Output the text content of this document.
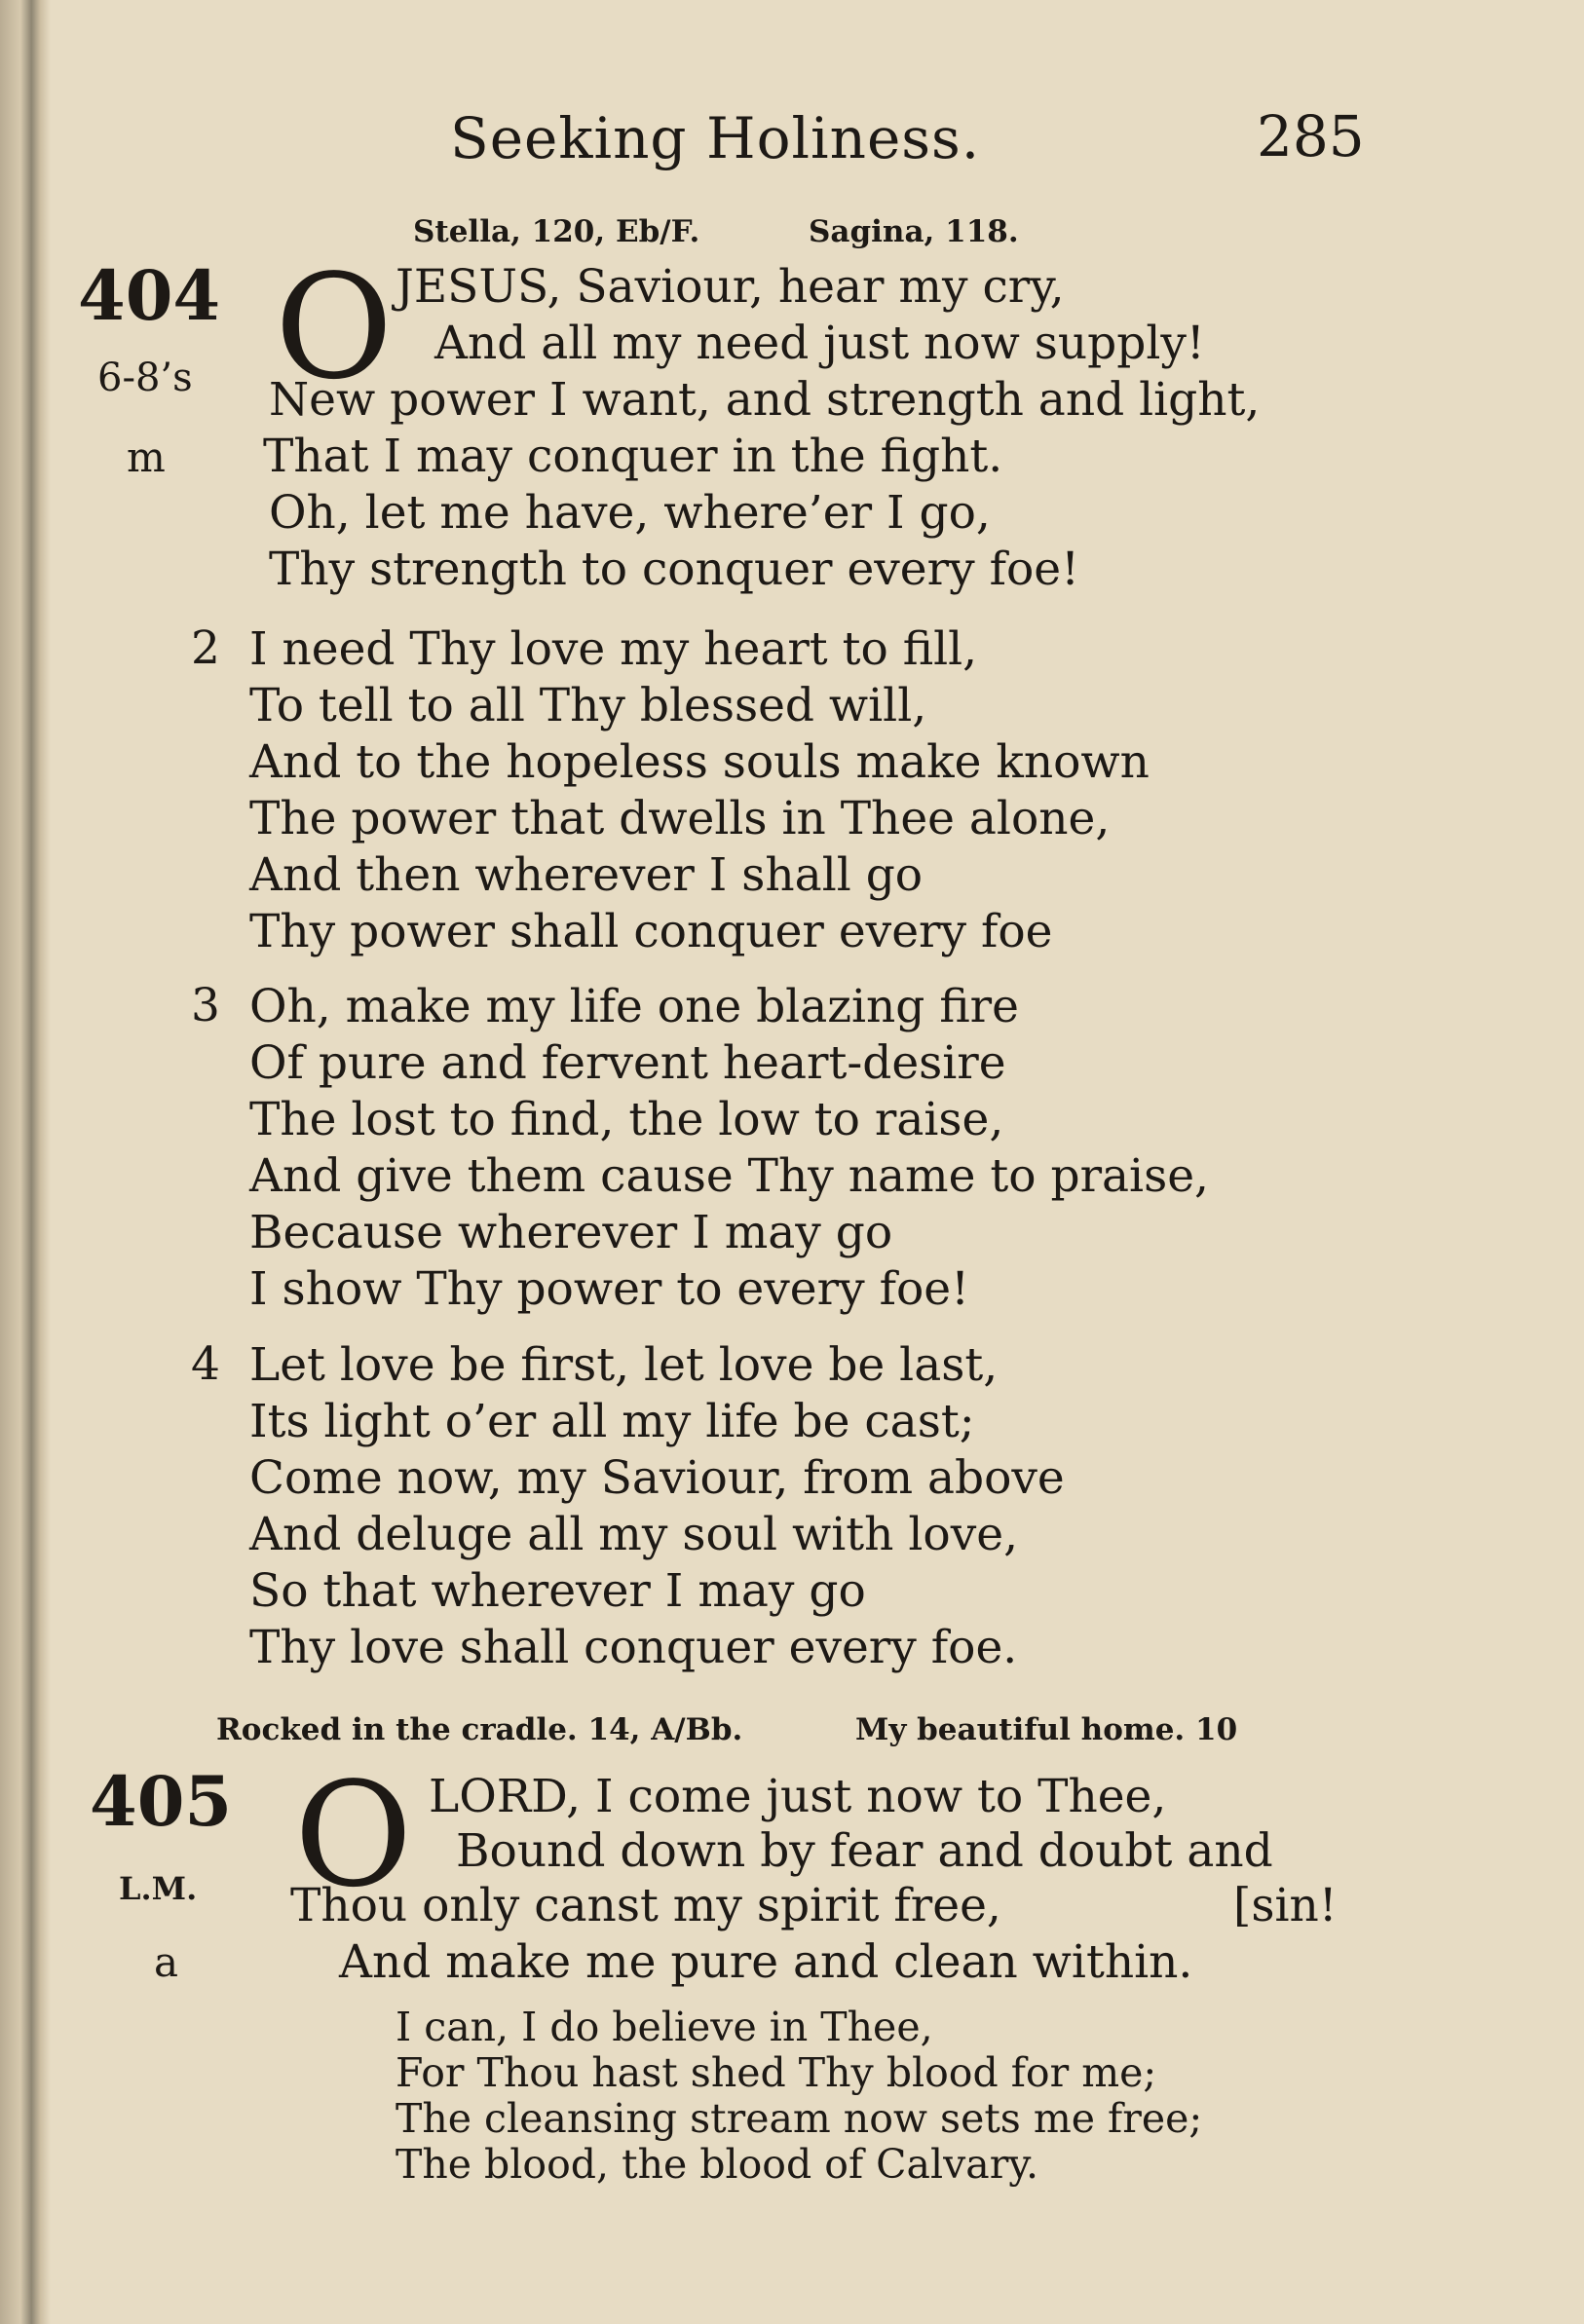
Seeking Holiness.	285
Stella, 120, Eb/F.	Sagina, 118.
404
6-8’s
m
O JESUS, Saviour, hear my cry,
And all my need just now supply!
New power I want, and strength and light,
That I may conquer in the fight.
Oh, let me have, where’er I go,
Thy strength to conquer every foe!
2 I need Thy love my heart to fill,
To tell to all Thy blessed will,
And to the hopeless souls make known
The power that dwells in Thee alone,
And then wherever I shall go
Thy power shall conquer every foe
3 Oh, make my life one blazing fire
Of pure and fervent heart-desire
The lost to find, the low to raise,
And give them cause Thy name to praise,
Because wherever I may go
I show Thy power to every foe!
4 Let love be first, let love be last,
Its light o’er all my life be cast;
Come now, my Saviour, from above
And deluge all my soul with love,
So that wherever I may go
Thy love shall conquer every foe.
Rocked in the cradle. 14, A/Bb.	My beautiful home. 10
405
L.M.
a
O LORD, I come just now to Thee,
Bound down by fear and doubt and
Thou only canst my spirit free,	[sin!
And make me pure and clean within.
I can, I do believe in Thee,
For Thou hast shed Thy blood for me;
The cleansing stream now sets me free;
The blood, the blood of Calvary.
